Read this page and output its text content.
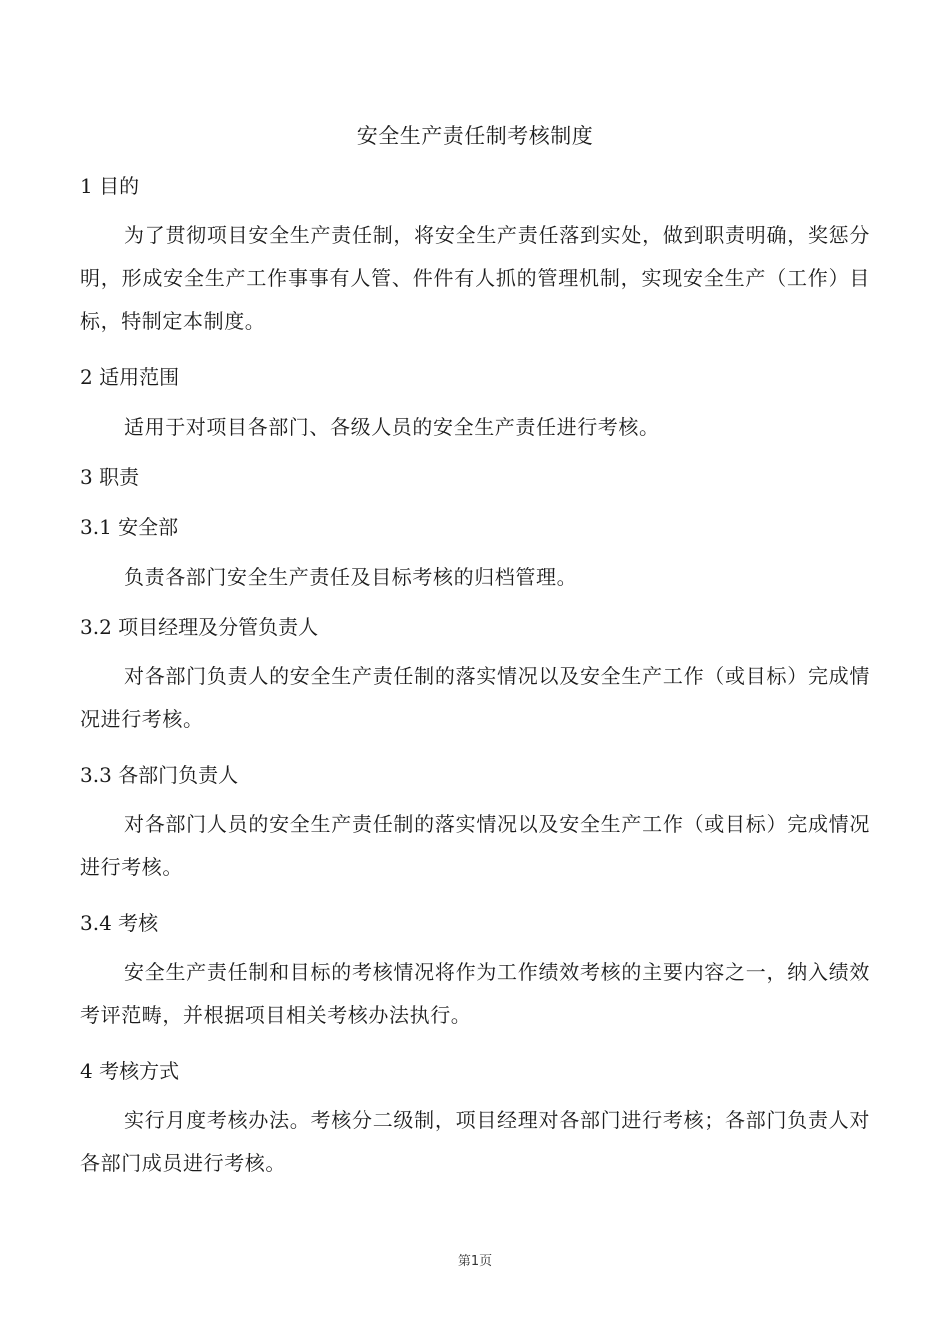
安全生产责任制考核制度
1 目的
为了贯彻项目安全生产责任制，将安全生产责任落到实处，做到职责明确，奖惩分明，形成安全生产工作事事有人管、件件有人抓的管理机制，实现安全生产（工作）目标，特制定本制度。
2 适用范围
适用于对项目各部门、各级人员的安全生产责任进行考核。
3 职责
3.1 安全部
负责各部门安全生产责任及目标考核的归档管理。
3.2 项目经理及分管负责人
对各部门负责人的安全生产责任制的落实情况以及安全生产工作（或目标）完成情况进行考核。
3.3 各部门负责人
对各部门人员的安全生产责任制的落实情况以及安全生产工作（或目标）完成情况进行考核。
3.4 考核
安全生产责任制和目标的考核情况将作为工作绩效考核的主要内容之一，纳入绩效考评范畴，并根据项目相关考核办法执行。
4 考核方式
实行月度考核办法。考核分二级制，项目经理对各部门进行考核；各部门负责人对各部门成员进行考核。
第1页
